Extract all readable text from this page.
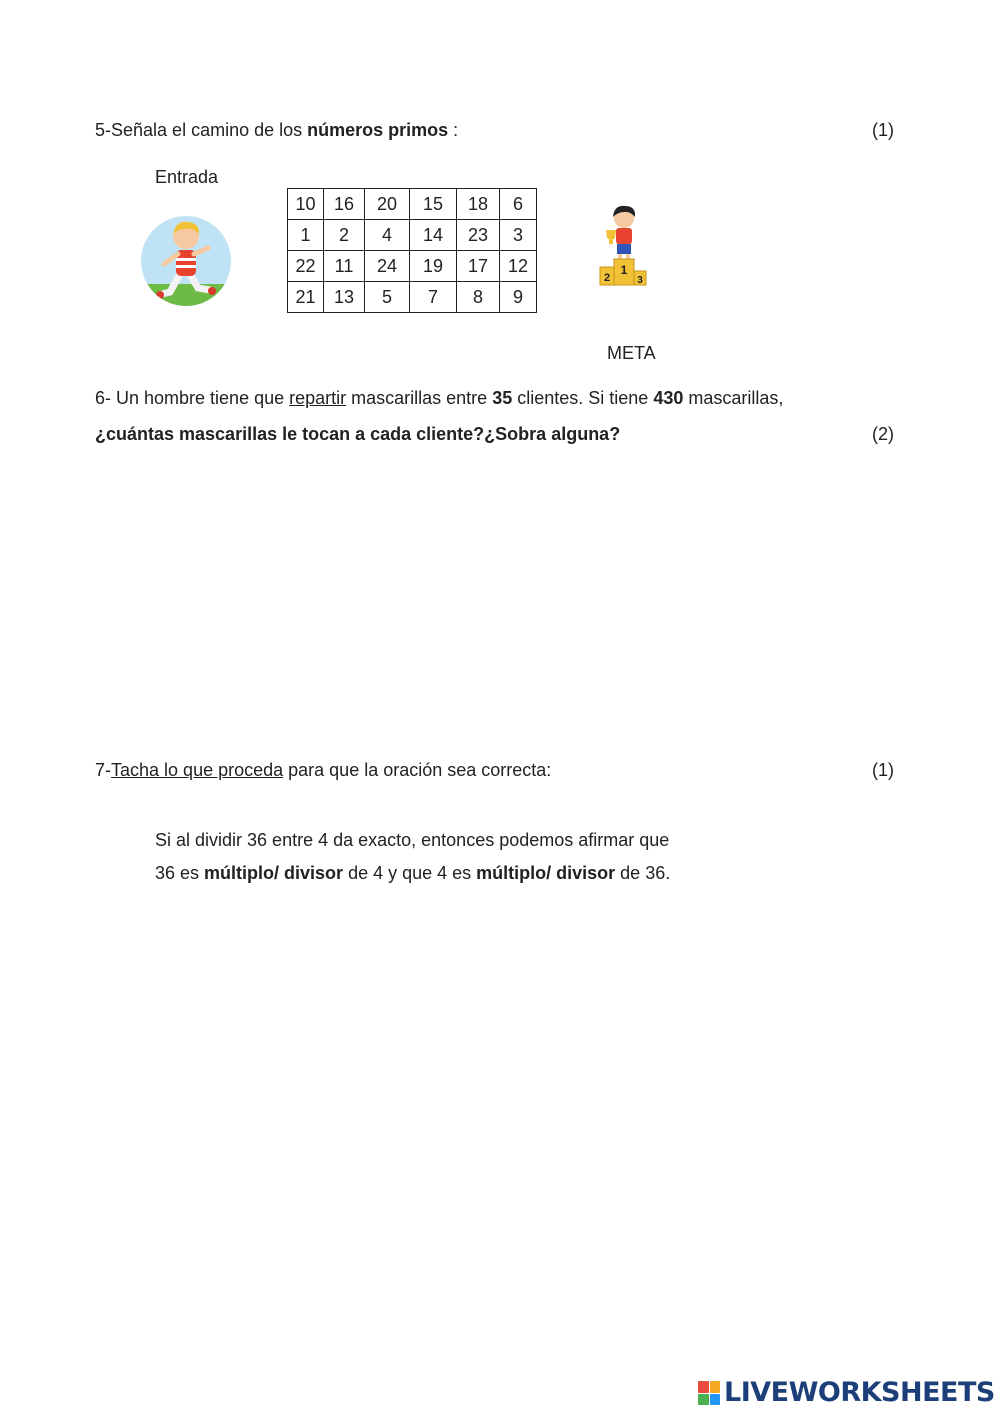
5-Señala el camino de los números primos :	(1)
Entrada
10	16	20	15	18	6
1	2	4	14	23	3
22	11	24	19	17	12
21	13	5	7	8	9
1
2	3
META
6- Un hombre tiene que repartir mascarillas entre 35 clientes. Si tiene 430 mascarillas,
¿cuántas mascarillas le tocan a cada cliente?¿Sobra alguna?	(2)
7-Tacha lo que proceda para que la oración sea correcta:	(1)
Si al dividir 36 entre 4 da exacto, entonces podemos afirmar que
36 es múltiplo/ divisor de 4 y que 4 es múltiplo/ divisor de 36.
LIVEWORKSHEETS
